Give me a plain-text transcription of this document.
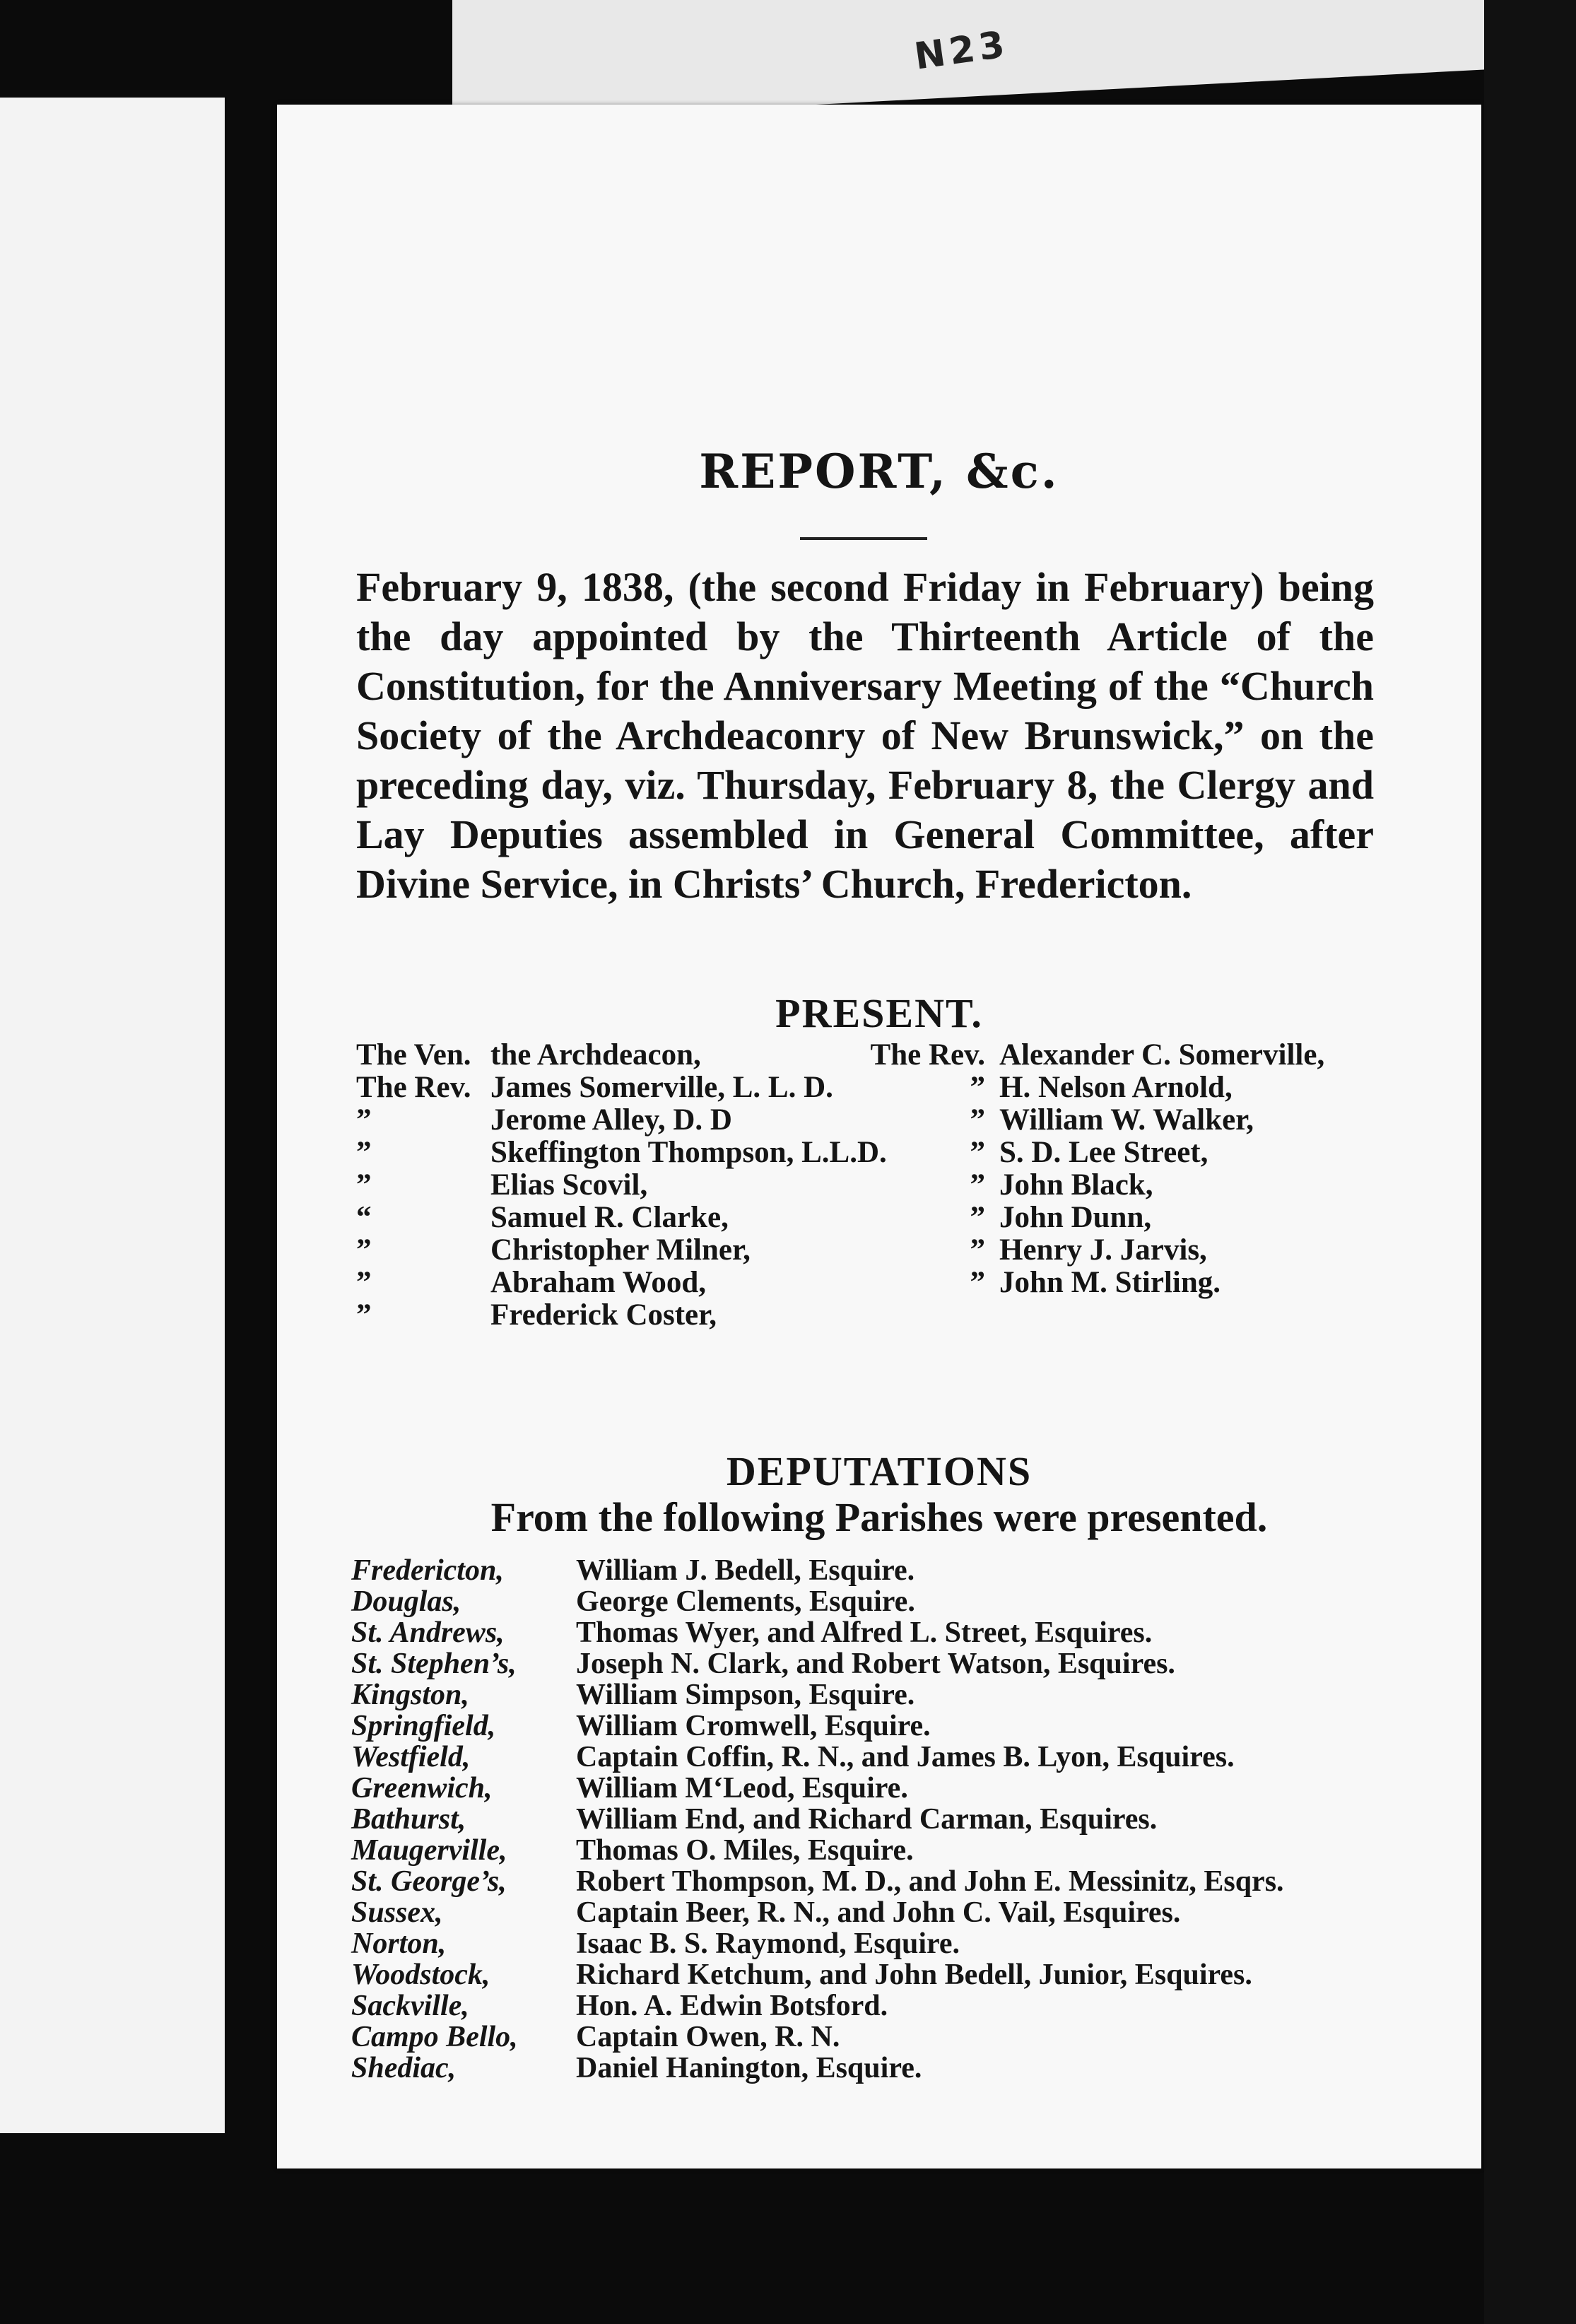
N23
REPORT, &c.
February 9, 1838, (the second Friday in February) being the day appointed by the Thirteenth Article of the Constitution, for the Anniversary Meeting of the “Church Society of the Archdeaconry of New Brunswick,” on the preceding day, viz. Thursday, February 8, the Clergy and Lay Deputies assembled in General Committee, after Divine Service, in Christs’ Church, Fredericton.
PRESENT.
The Ven. the Archdeacon,	The Rev. Alexander C. Somerville,
The Rev. James Somerville, L. L. D.	” H. Nelson Arnold,
”	Jerome Alley, D. D	” William W. Walker,
”	Skeffington Thompson, L.L.D.	” S. D. Lee Street,
”	Elias Scovil,	” John Black,
“	Samuel R. Clarke,	” John Dunn,
”	Christopher Milner,	” Henry J. Jarvis,
”	Abraham Wood,	” John M. Stirling.
”	Frederick Coster,
DEPUTATIONS
From the following Parishes were presented.
Fredericton,	William J. Bedell, Esquire.
Douglas,	George Clements, Esquire.
St. Andrews,	Thomas Wyer, and Alfred L. Street, Esquires.
St. Stephen’s,	Joseph N. Clark, and Robert Watson, Esquires.
Kingston,	William Simpson, Esquire.
Springfield,	William Cromwell, Esquire.
Westfield,	Captain Coffin, R. N., and James B. Lyon, Esquires.
Greenwich,	William M‘Leod, Esquire.
Bathurst,	William End, and Richard Carman, Esquires.
Maugerville,	Thomas O. Miles, Esquire.
St. George’s,	Robert Thompson, M. D., and John E. Messinitz, Esqrs.
Sussex,	Captain Beer, R. N., and John C. Vail, Esquires.
Norton,	Isaac B. S. Raymond, Esquire.
Woodstock,	Richard Ketchum, and John Bedell, Junior, Esquires.
Sackville,	Hon. A. Edwin Botsford.
Campo Bello,	Captain Owen, R. N.
Shediac,	Daniel Hanington, Esquire.
